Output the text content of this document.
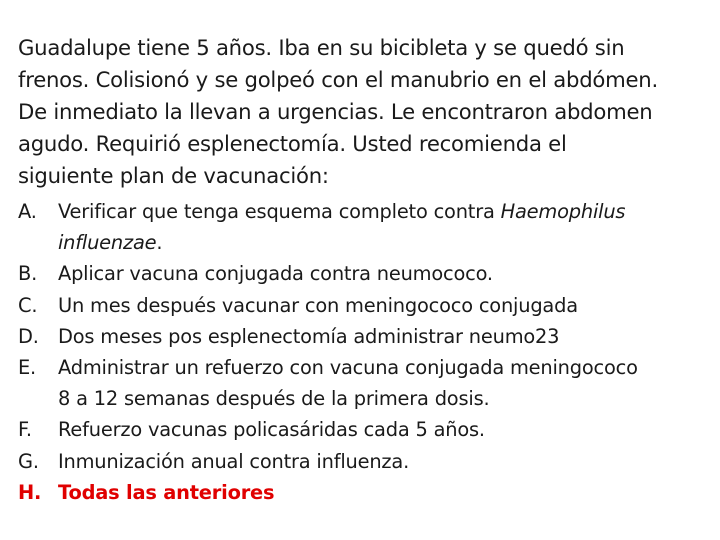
Guadalupe tiene 5 años. Iba en su bicibleta y se quedó sin
frenos. Colisionó y se golpeó con el manubrio en el abdómen.
De inmediato la llevan a urgencias. Le encontraron abdomen
agudo. Requirió esplenectomía. Usted recomienda el
siguiente plan de vacunación:

A.	Verificar que tenga esquema completo contra Haemophilus
influenzae.
B.	Aplicar vacuna conjugada contra neumococo.
C.	Un mes después vacunar con meningococo conjugada
D. Dos meses pos esplenectomía administrar neumo23
E.	Administrar un refuerzo con vacuna conjugada meningococo
8 a 12 semanas después de la primera dosis.
F.	Refuerzo vacunas policasáridas cada 5 años.
G. Inmunización anual contra influenza.
H. Todas las anteriores
